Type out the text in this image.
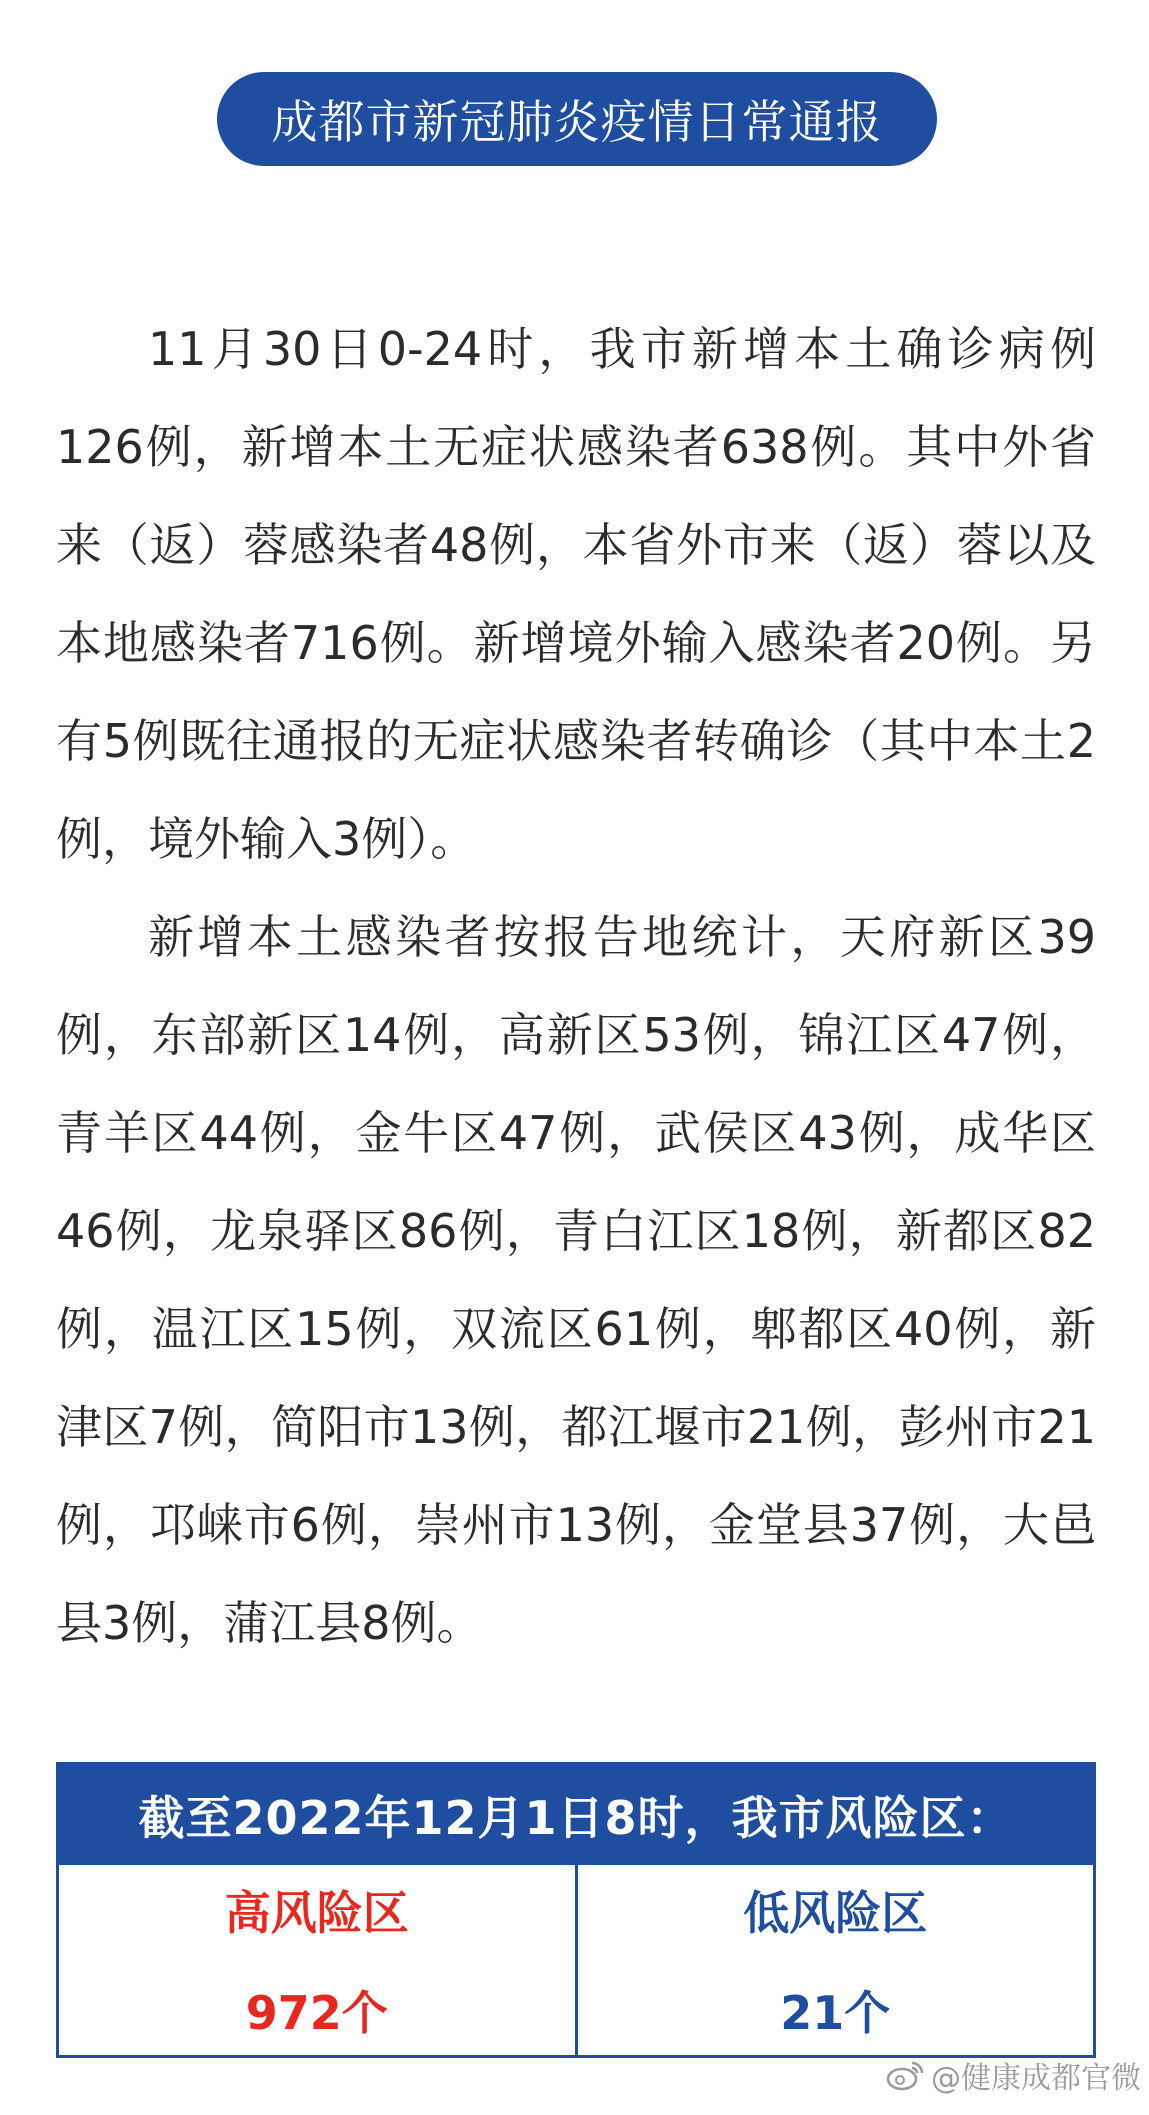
成都市新冠肺炎疫情日常通报

11月30日0-24时，我市新增本土确诊病例126例，新增本土无症状感染者638例。其中外省来（返）蓉感染者48例，本省外市来（返）蓉以及本地感染者716例。新增境外输入感染者20例。另有5例既往通报的无症状感染者转确诊（其中本土2例，境外输入3例）。

新增本土感染者按报告地统计，天府新区39例，东部新区14例，高新区53例，锦江区47例，青羊区44例，金牛区47例，武侯区43例，成华区46例，龙泉驿区86例，青白江区18例，新都区82例，温江区15例，双流区61例，郫都区40例，新津区7例，简阳市13例，都江堰市21例，彭州市21例，邛崃市6例，崇州市13例，金堂县37例，大邑县3例，蒲江县8例。

截至2022年12月1日8时，我市风险区：
高风险区
972个
低风险区
21个
@健康成都官微
